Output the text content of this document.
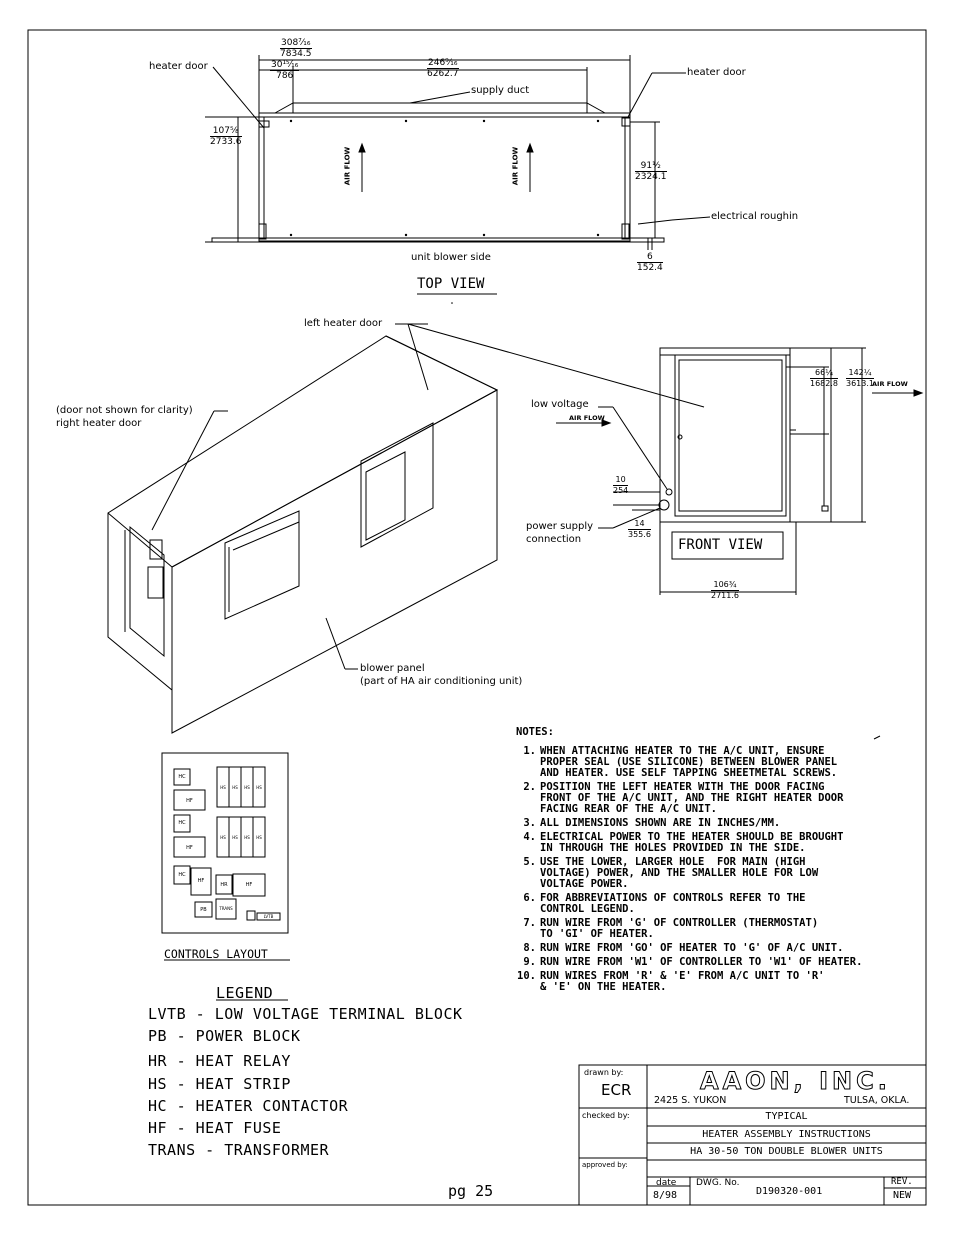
heater door
heater door
supply duct
electrical roughin
unit blower side
AIR FLOW	AIR FLOW
TOP VIEW
$\frac{\text{308⁷⁄₁₆}}{7834.5}$
$\frac{\text{30¹⁵⁄₁₆}}{786}$	$\frac{\text{246⁹⁄₁₆}}{6262.7}$
$\frac{\text{107⅝}}{2733.6}$
$\frac{\text{91½}}{2324.1}$
$\frac{6}{152.4}$
left heater door
(door not shown for clarity)
right heater door
blower panel
(part of HA air conditioning unit)
low voltage
AIR FLOW
AIR FLOW
power supply
connection	FRONT VIEW
$\frac{\text{66¼}}{1682.8} \frac{\text{142¼}}{3613.1}$
$\frac{10}{254}$
$\frac{14}{355.6}$
$\frac{\text{106¾}}{2711.6}$
HC
HF
HC
HF
HC
HF
HR	HF
PB	TRANS
LVTB
HS	HS	HS	HS
HS	HS	HS	HS
CONTROLS LAYOUT
NOTES:
1. WHEN ATTACHING HEATER TO THE A/C UNIT, ENSURE
PROPER SEAL (USE SILICONE) BETWEEN BLOWER PANEL
AND HEATER. USE SELF TAPPING SHEETMETAL SCREWS.
2. POSITION THE LEFT HEATER WITH THE DOOR FACING
FRONT OF THE A/C UNIT, AND THE RIGHT HEATER DOOR
FACING REAR OF THE A/C UNIT.
3. ALL DIMENSIONS SHOWN ARE IN INCHES/MM.
4. ELECTRICAL POWER TO THE HEATER SHOULD BE BROUGHT
IN THROUGH THE HOLES PROVIDED IN THE SIDE.
5. USE THE LOWER, LARGER HOLE  FOR MAIN (HIGH
VOLTAGE) POWER, AND THE SMALLER HOLE FOR LOW
VOLTAGE POWER.
6. FOR ABBREVIATIONS OF CONTROLS REFER TO THE
CONTROL LEGEND.
7. RUN WIRE FROM 'G' OF CONTROLLER (THERMOSTAT)
TO 'GI' OF HEATER.
8. RUN WIRE FROM 'GO' OF HEATER TO 'G' OF A/C UNIT.
9. RUN WIRE FROM 'W1' OF CONTROLLER TO 'W1' OF HEATER.
10. RUN WIRES FROM 'R' & 'E' FROM A/C UNIT TO 'R'
& 'E' ON THE HEATER.
LEGEND
LVTB - LOW VOLTAGE TERMINAL BLOCK
PB - POWER BLOCK
HR - HEAT RELAY
HS - HEAT STRIP
HC - HEATER CONTACTOR
HF - HEAT FUSE
TRANS - TRANSFORMER
pg 25
drawn by:
ECR
checked by:
approved by:
AAON, INC.
2425 S. YUKON	TULSA, OKLA.
TYPICAL
HEATER ASSEMBLY INSTRUCTIONS
HA 30-50 TON DOUBLE BLOWER UNITS
date
8/98
DWG. No.
D190320-001
REV.
NEW
